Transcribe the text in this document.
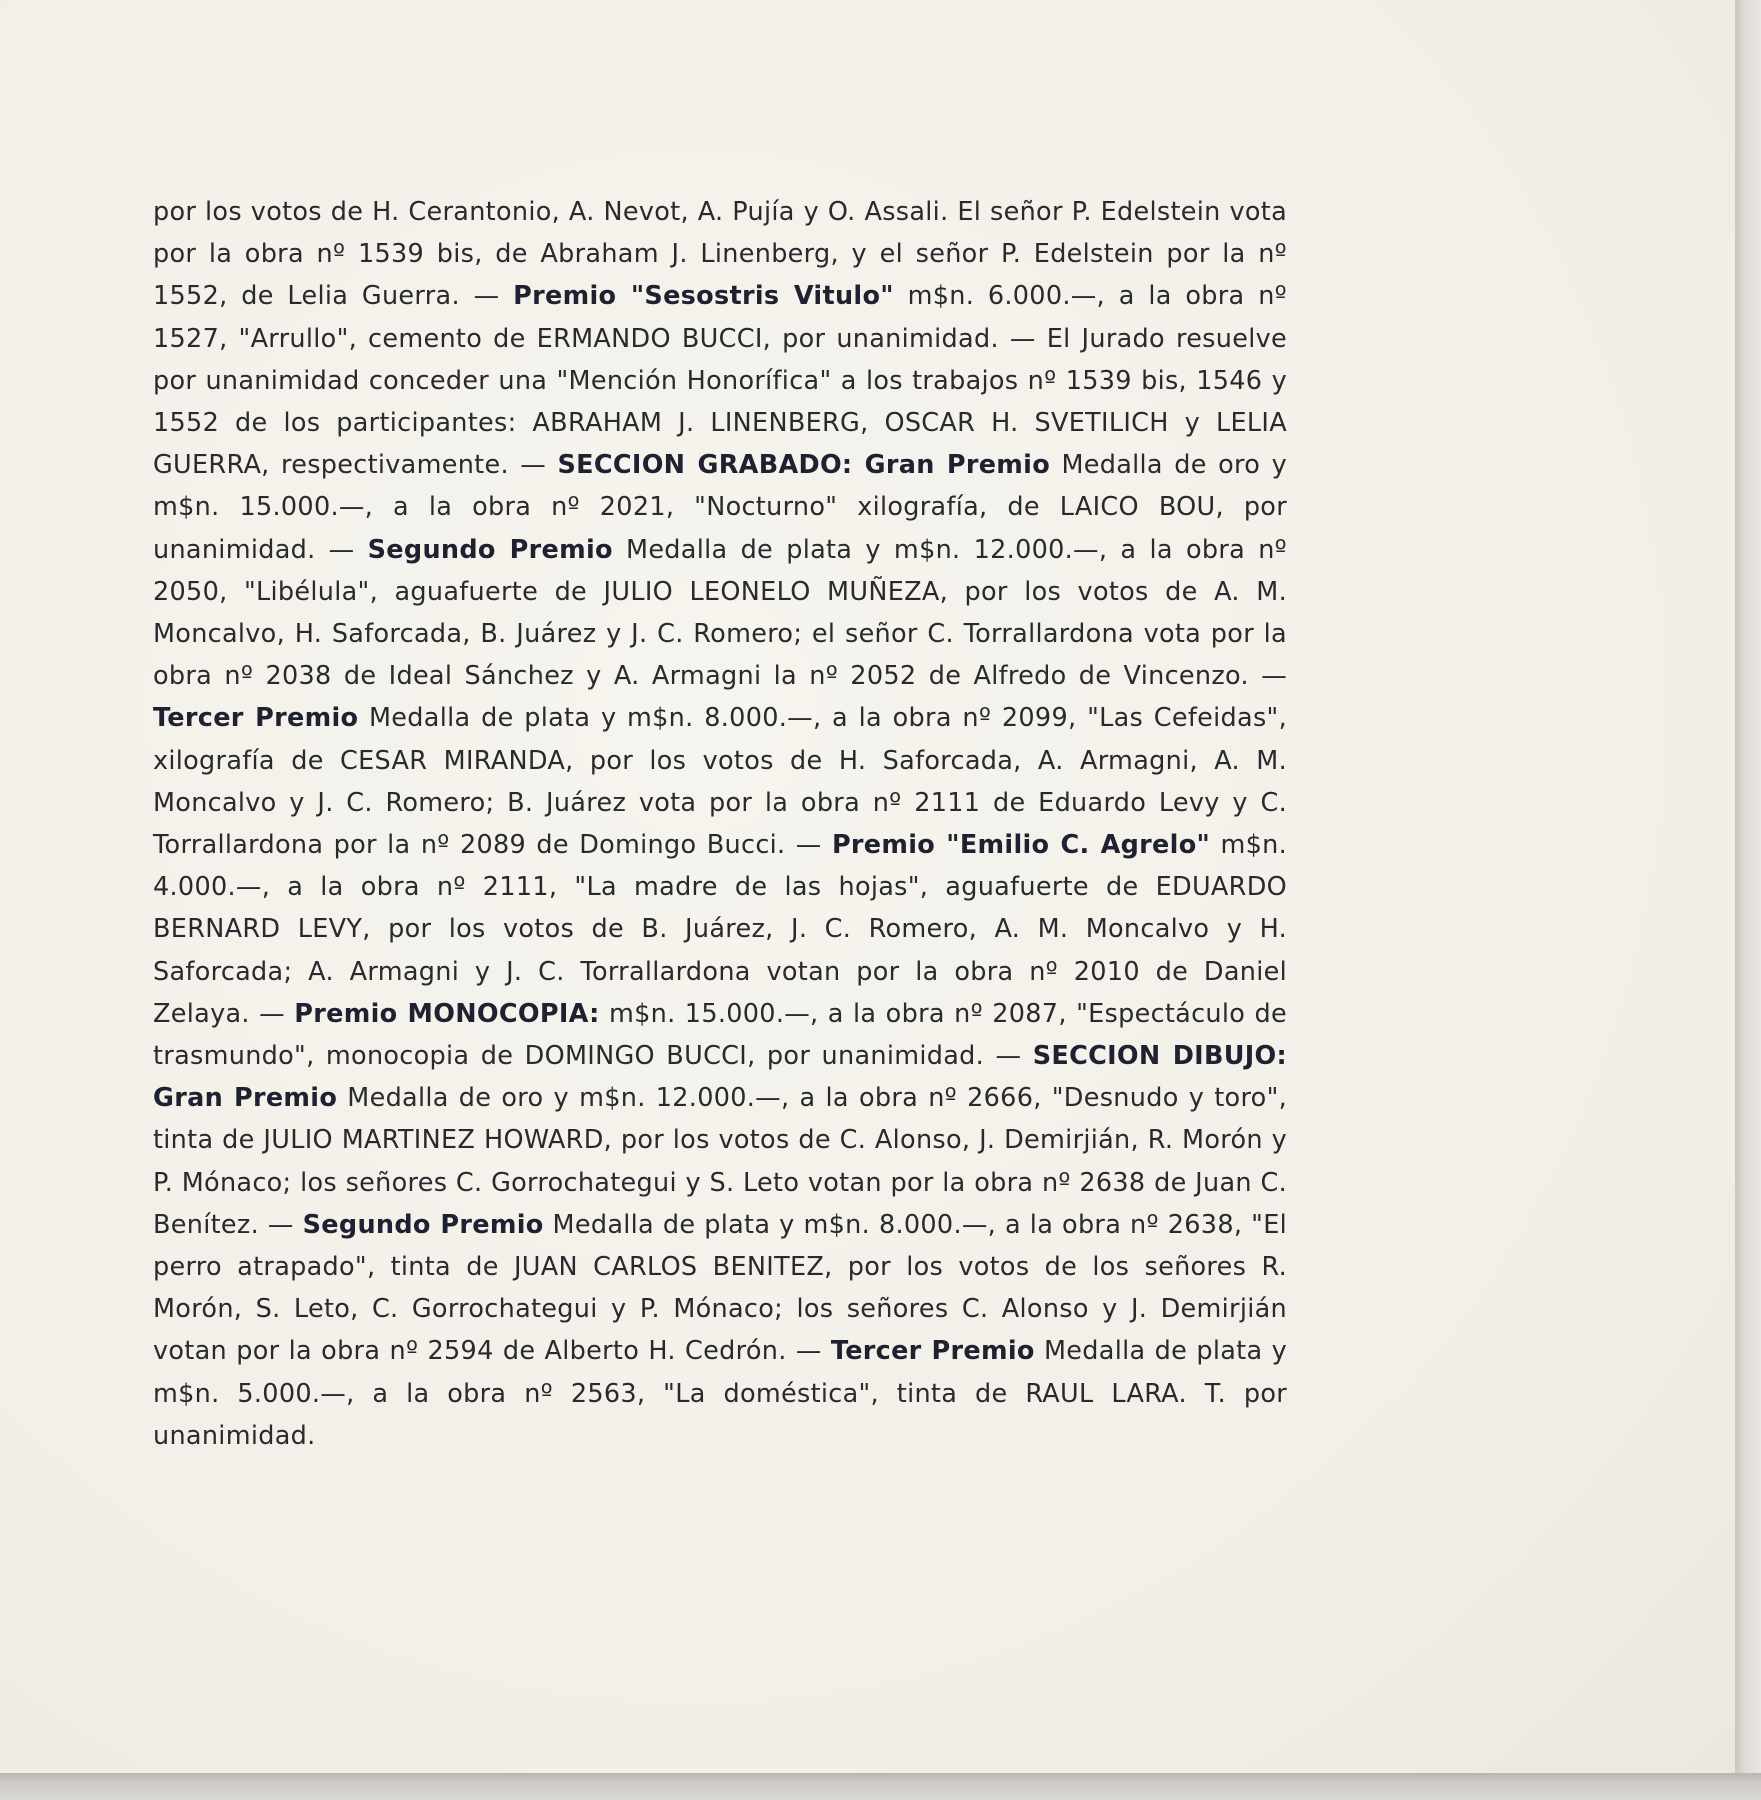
por los votos de H. Cerantonio, A. Nevot, A. Pujía y O. Assali. El señor P. Edelstein vota por la obra nº 1539 bis, de Abraham J. Linenberg, y el señor P. Edelstein por la nº 1552, de Lelia Guerra. — Premio "Sesostris Vitulo" m$n. 6.000.—, a la obra nº 1527, "Arrullo", cemento de ERMANDO BUCCI, por unanimidad. — El Jurado resuelve por unanimidad conceder una "Mención Honorífica" a los trabajos nº 1539 bis, 1546 y 1552 de los participantes: ABRAHAM J. LINENBERG, OSCAR H. SVETILICH y LELIA GUERRA, respectivamente. — SECCION GRABADO: Gran Premio Medalla de oro y m$n. 15.000.—, a la obra nº 2021, "Nocturno" xilografía, de LAICO BOU, por unanimidad. — Segundo Premio Medalla de plata y m$n. 12.000.—, a la obra nº 2050, "Libélula", aguafuerte de JULIO LEONELO MUÑEZA, por los votos de A. M. Moncalvo, H. Saforcada, B. Juárez y J. C. Romero; el señor C. Torrallardona vota por la obra nº 2038 de Ideal Sánchez y A. Armagni la nº 2052 de Alfredo de Vincenzo. — Tercer Premio Medalla de plata y m$n. 8.000.—, a la obra nº 2099, "Las Cefeidas", xilografía de CESAR MIRANDA, por los votos de H. Saforcada, A. Armagni, A. M. Moncalvo y J. C. Romero; B. Juárez vota por la obra nº 2111 de Eduardo Levy y C. Torrallardona por la nº 2089 de Domingo Bucci. — Premio "Emilio C. Agrelo" m$n. 4.000.—, a la obra nº 2111, "La madre de las hojas", aguafuerte de EDUARDO BERNARD LEVY, por los votos de B. Juárez, J. C. Romero, A. M. Moncalvo y H. Saforcada; A. Armagni y J. C. Torrallardona votan por la obra nº 2010 de Daniel Zelaya. — Premio MONOCOPIA: m$n. 15.000.—, a la obra nº 2087, "Espectáculo de trasmundo", monocopia de DOMINGO BUCCI, por unanimidad. — SECCION DIBUJO: Gran Premio Medalla de oro y m$n. 12.000.—, a la obra nº 2666, "Desnudo y toro", tinta de JULIO MARTINEZ HOWARD, por los votos de C. Alonso, J. Demirjián, R. Morón y P. Mónaco; los señores C. Gorrochategui y S. Leto votan por la obra nº 2638 de Juan C. Benítez. — Segundo Premio Medalla de plata y m$n. 8.000.—, a la obra nº 2638, "El perro atrapado", tinta de JUAN CARLOS BENITEZ, por los votos de los señores R. Morón, S. Leto, C. Gorrochategui y P. Mónaco; los señores C. Alonso y J. Demirjián votan por la obra nº 2594 de Alberto H. Cedrón. — Tercer Premio Medalla de plata y m$n. 5.000.—, a la obra nº 2563, "La doméstica", tinta de RAUL LARA. T. por unanimidad.
